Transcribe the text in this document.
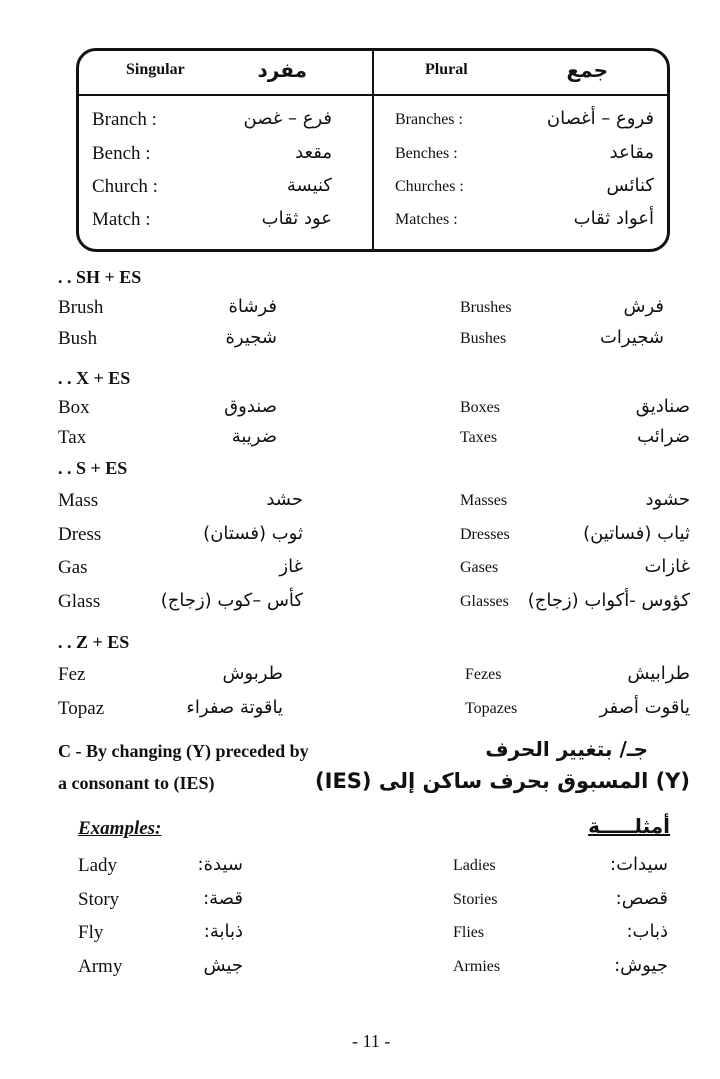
Singular	مفرد	Plural	جمع
Branch :	فرع – غصن	Branches :	فروع – أغصان
Bench :	مقعد	Benches :	مقاعد
Church :	كنيسة	Churches :	كنائس
Match :	عود ثقاب	Matches :	أعواد ثقاب
. . SH + ES
Brush	فرشاة	Brushes	فرش
Bush	شجيرة	Bushes	شجيرات
. . X + ES
Box	صندوق	Boxes	صناديق
Tax	ضريبة	Taxes	ضرائب
. . S + ES
Mass	حشد	Masses	حشود
Dress	ثوب (فستان)	Dresses	ثياب (فساتين)
Gas	غاز	Gases	غازات
Glass	كأس –كوب (زجاج)	Glasses كؤوس -أكواب (زجاج)
. . Z + ES
Fez	طربوش	Fezes	طرابيش
Topaz	ياقوتة صفراء	Topazes	ياقوت أصفر
C - By changing (Y) preceded by
a consonant to (IES)
جـ/ بتغيير الحرف
(Y) المسبوق بحرف ساكن إلى (IES)
Examples:	أمثلـــــة
Lady	سيدة:	Ladies	سيدات:
Story	قصة:	Stories	قصص:
Fly	ذبابة:	Flies	ذباب:
Army	جيش	Armies	جيوش:
- 11 -
